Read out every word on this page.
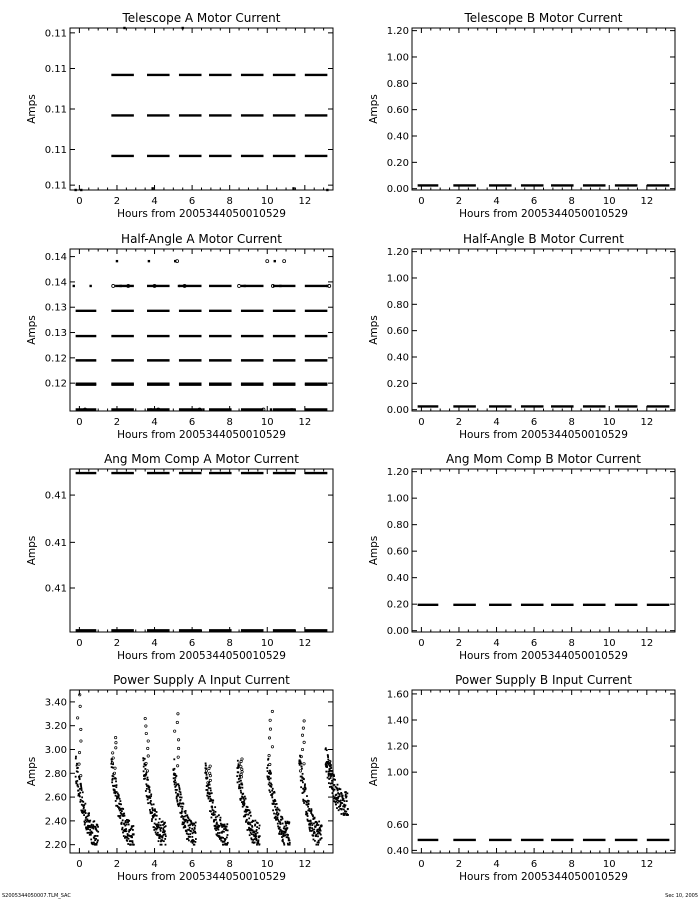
Telescope A Motor Current
0	2	4	6	8	10 12
0.11
0.11
0.11
0.11
0.11
Hours from 2005344050010529
Amps
Telescope B Motor Current
0	2	4	6	8	10 12
0.00
0.20
0.40
0.60
0.80
1.00
1.20
Hours from 2005344050010529
Amps
Half-Angle A Motor Current
0	2	4	6	8	10 12
0.12
0.12
0.13
0.13
0.14
0.14
Hours from 2005344050010529
Amps
Half-Angle B Motor Current
0	2	4	6	8	10 12
0.00
0.20
0.40
0.60
0.80
1.00
1.20
Hours from 2005344050010529
Amps
Ang Mom Comp A Motor Current
0	2	4	6	8	10 12
0.41
0.41
0.41
Hours from 2005344050010529
Amps
Ang Mom Comp B Motor Current
0	2	4	6	8	10 12
0.00
0.20
0.40
0.60
0.80
1.00
1.20
Hours from 2005344050010529
Amps
Power Supply A Input Current
0	2	4	6	8	10 12
2.20
2.40
2.60
2.80
3.00
3.20
3.40
Hours from 2005344050010529
Amps
Power Supply B Input Current
0	2	4	6	8	10 12
0.40
0.60
1.00
1.20
1.40
1.60
Hours from 2005344050010529
Amps
S2005344050007.TLM_SAC	Sec 10, 2005
